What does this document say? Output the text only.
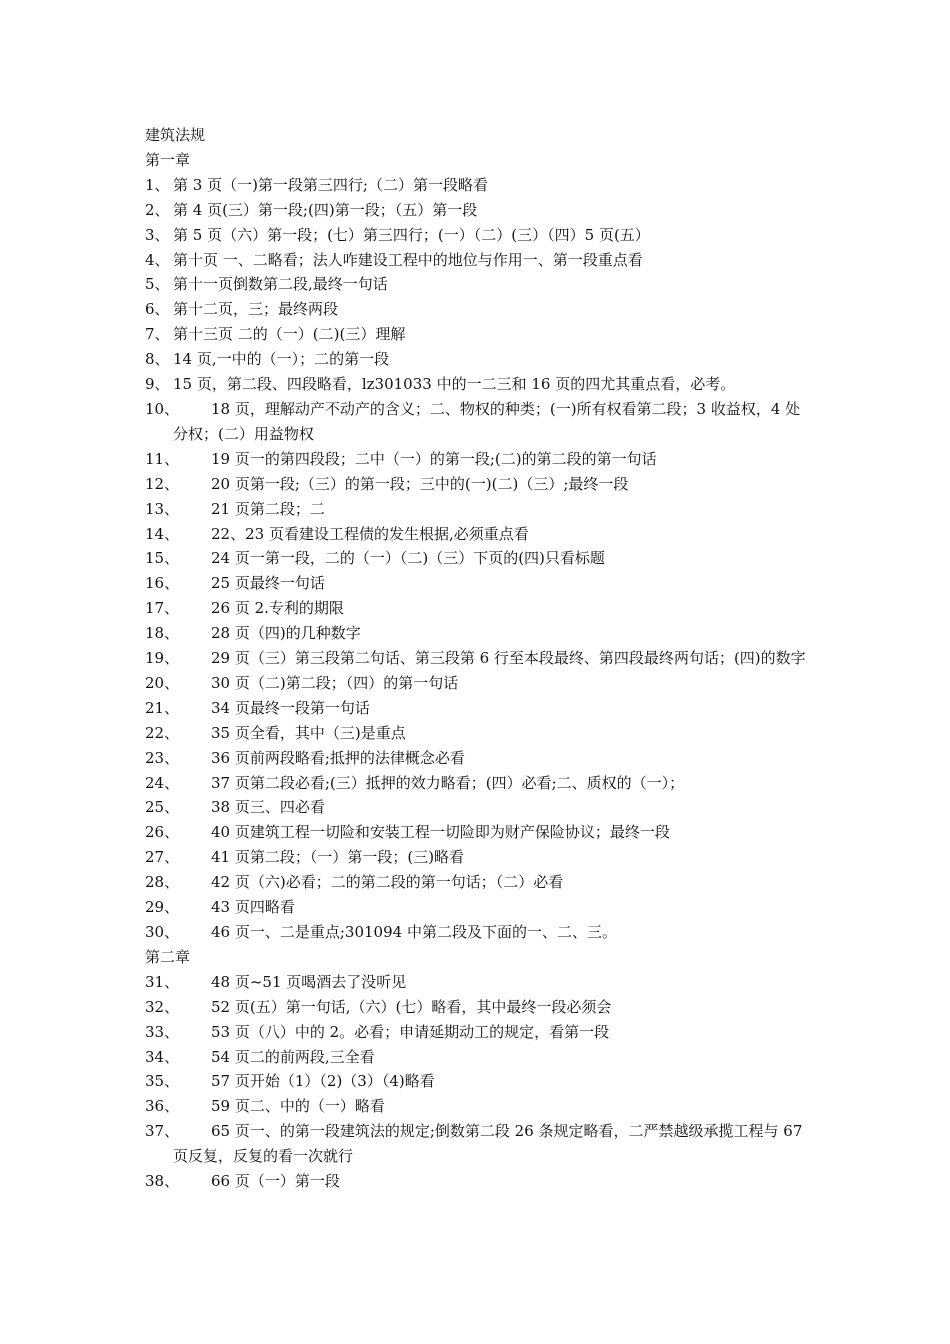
建筑法规
第一章
1、 第 3 页（一)第一段第三四行;（二）第一段略看
2、 第 4 页(三）第一段;(四)第一段；（五）第一段
3、 第 5 页（六）第一段；(七）第三四行；(一）（二）(三）（四）5 页(五）
4、 第十页 一、二略看；法人咋建设工程中的地位与作用一、第一段重点看
5、 第十一页倒数第二段,最终一句话
6、 第十二页，三；最终两段
7、 第十三页 二的（一）(二)(三）理解
8、 14 页,一中的（一）；二的第一段
9、 15 页，第二段、四段略看，lz301033 中的一二三和 16 页的四尤其重点看，必考。
10、 18 页，理解动产不动产的含义；二、物权的种类；(一)所有权看第二段；3 收益权，4 处分权；(二）用益物权
11、 19 页一的第四段段；二中（一）的第一段;(二)的第二段的第一句话
12、 20 页第一段;（三）的第一段；三中的(一)(二)（三）;最终一段
13、 21 页第二段；二
14、 22、23 页看建设工程债的发生根据,必须重点看
15、 24 页一第一段，二的（一）（二)（三）下页的(四)只看标题
16、 25 页最终一句话
17、 26 页 2.专利的期限
18、 28 页（四)的几种数字
19、 29 页（三）第三段第二句话、第三段第 6 行至本段最终、第四段最终两句话；(四)的数字
20、 30 页（二)第二段；（四）的第一句话
21、 34 页最终一段第一句话
22、 35 页全看，其中（三)是重点
23、 36 页前两段略看;抵押的法律概念必看
24、 37 页第二段必看;(三）抵押的效力略看；(四）必看;二、质权的（一）；
25、 38 页三、四必看
26、 40 页建筑工程一切险和安装工程一切险即为财产保险协议；最终一段
27、 41 页第二段；（一）第一段；(三)略看
28、 42 页（六)必看；二的第二段的第一句话；（二）必看
29、 43 页四略看
30、 46 页一、二是重点;301094 中第二段及下面的一、二、三。
第二章
31、 48 页~51 页喝酒去了没听见
32、 52 页(五）第一句话,（六）(七）略看，其中最终一段必须会
33、 53 页（八）中的 2。必看；申请延期动工的规定，看第一段
34、 54 页二的前两段,三全看
35、 57 页开始（1）（2)（3）（4)略看
36、 59 页二、中的（一）略看
37、 65 页一、的第一段建筑法的规定;倒数第二段 26 条规定略看，二严禁越级承揽工程与 67 页反复，反复的看一次就行
38、 66 页（一）第一段
